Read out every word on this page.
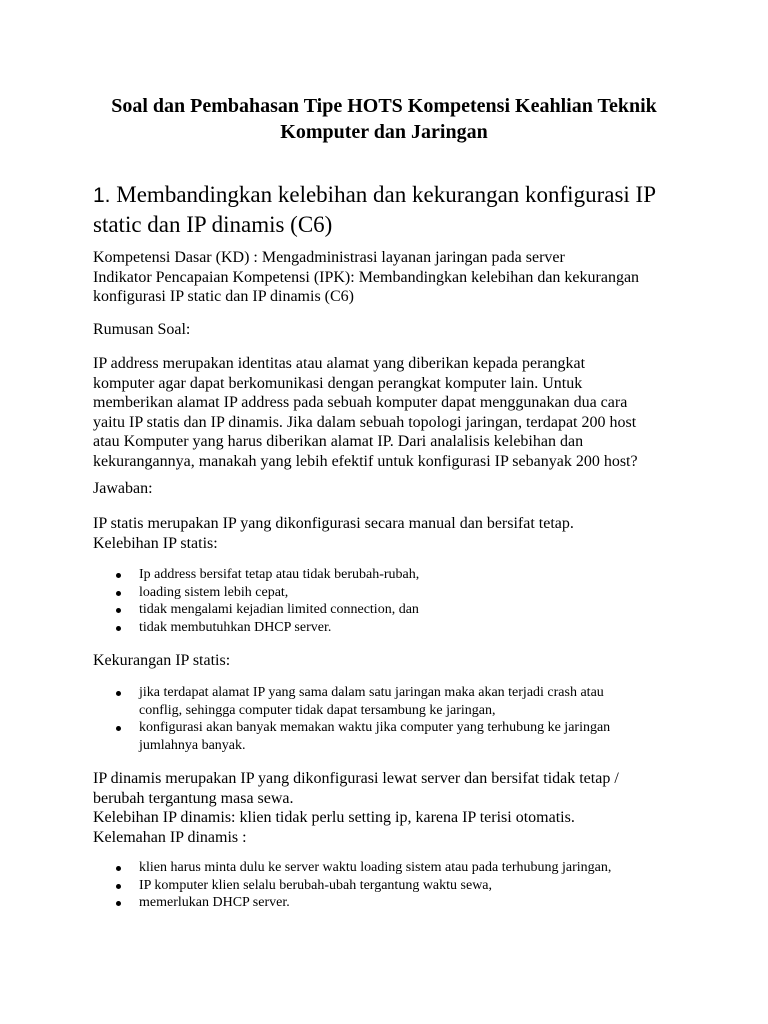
Soal dan Pembahasan Tipe HOTS Kompetensi Keahlian Teknik
Komputer dan Jaringan
1. Membandingkan kelebihan dan kekurangan konfigurasi IP
static dan IP dinamis (C6)

Kompetensi Dasar (KD) : Mengadministrasi layanan jaringan pada server
Indikator Pencapaian Kompetensi (IPK): Membandingkan kelebihan dan kekurangan
konfigurasi IP static dan IP dinamis (C6)

Rumusan Soal:

IP address merupakan identitas atau alamat yang diberikan kepada perangkat
komputer agar dapat berkomunikasi dengan perangkat komputer lain. Untuk
memberikan alamat IP address pada sebuah komputer dapat menggunakan dua cara
yaitu IP statis dan IP dinamis. Jika dalam sebuah topologi jaringan, terdapat 200 host
atau Komputer yang harus diberikan alamat IP. Dari analalisis kelebihan dan
kekurangannya, manakah yang lebih efektif untuk konfigurasi IP sebanyak 200 host?

Jawaban:

IP statis merupakan IP yang dikonfigurasi secara manual dan bersifat tetap.
Kelebihan IP statis:

Ip address bersifat tetap atau tidak berubah-rubah,
loading sistem lebih cepat,
tidak mengalami kejadian limited connection, dan
tidak membutuhkan DHCP server.

Kekurangan IP statis:

jika terdapat alamat IP yang sama dalam satu jaringan maka akan terjadi crash atau
conflig, sehingga computer tidak dapat tersambung ke jaringan,
konfigurasi akan banyak memakan waktu jika computer yang terhubung ke jaringan
jumlahnya banyak.

IP dinamis merupakan IP yang dikonfigurasi lewat server dan bersifat tidak tetap /
berubah tergantung masa sewa.
Kelebihan IP dinamis: klien tidak perlu setting ip, karena IP terisi otomatis.
Kelemahan IP dinamis :

klien harus minta dulu ke server waktu loading sistem atau pada terhubung jaringan,
IP komputer klien selalu berubah-ubah tergantung waktu sewa,
memerlukan DHCP server.
